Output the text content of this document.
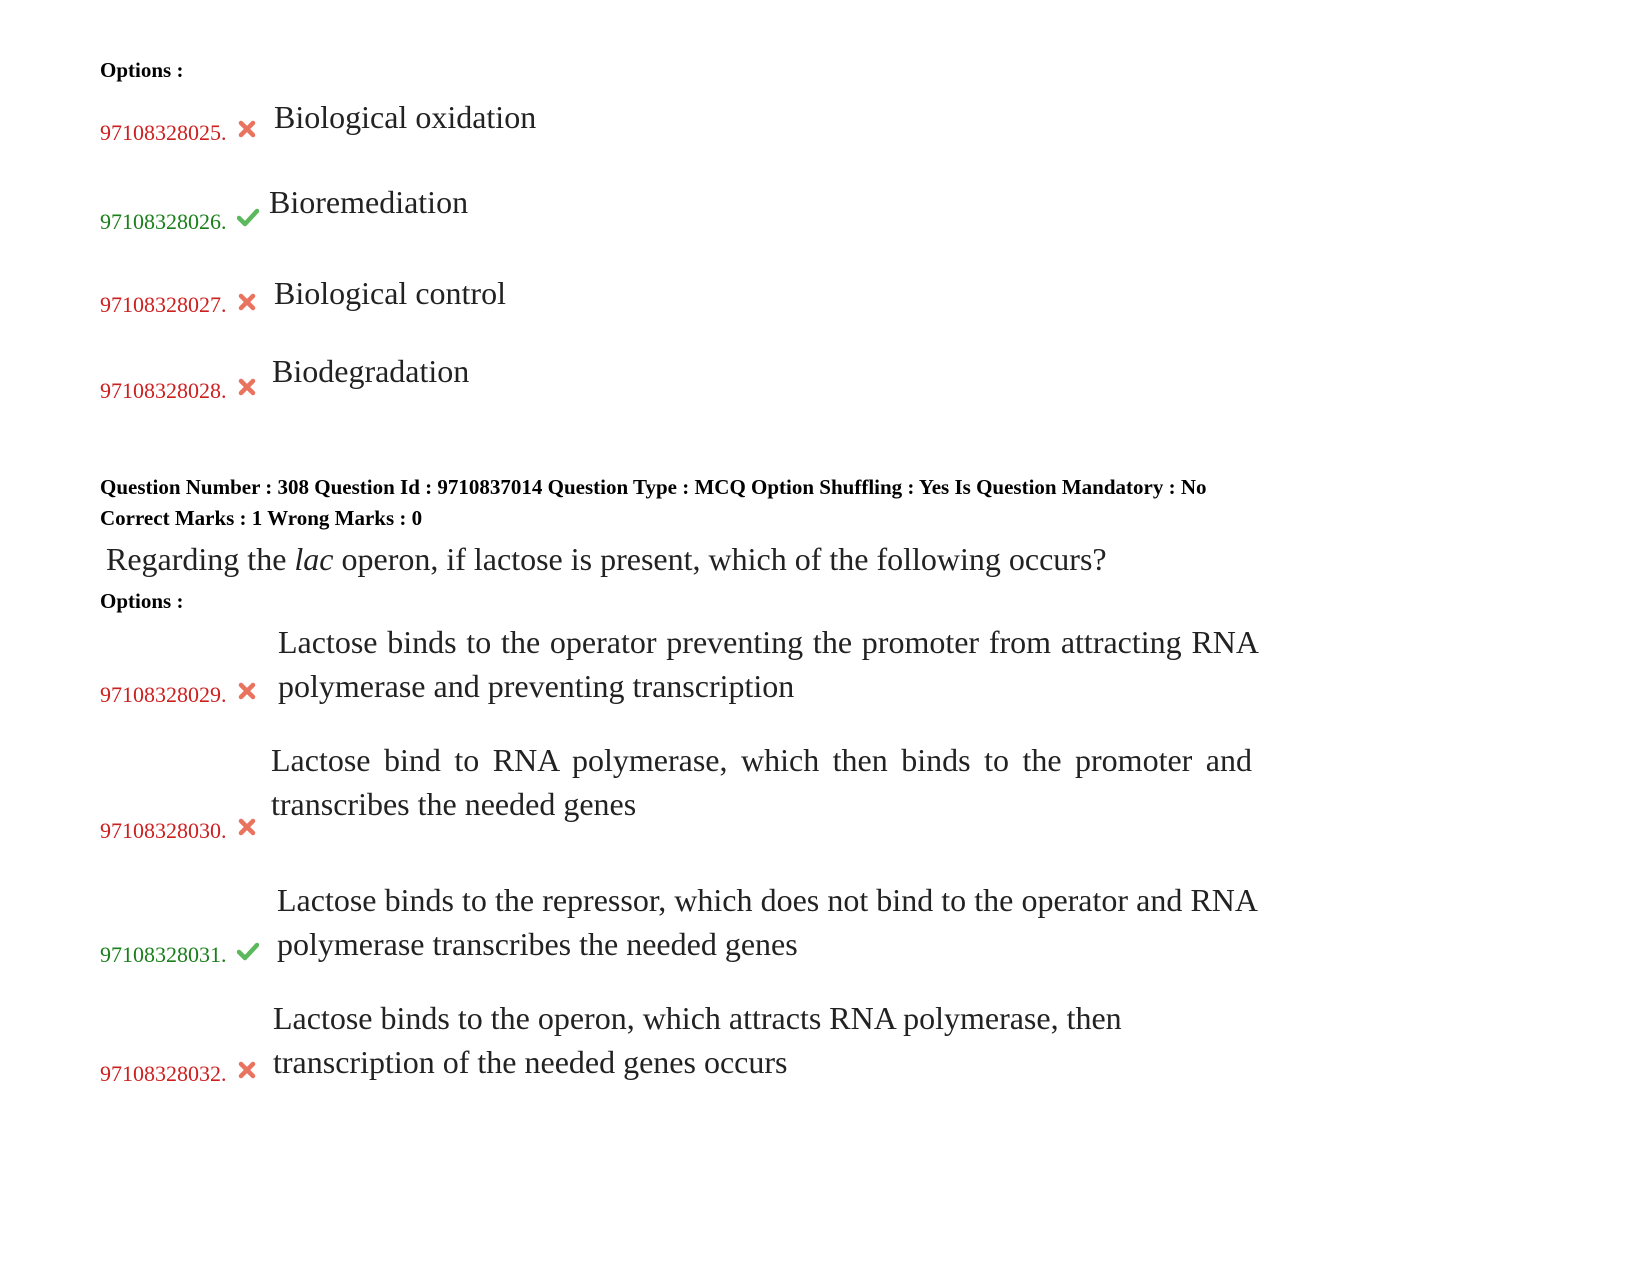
Options :
97108328025. Biological oxidation
97108328026.
Bioremediation
97108328027. Biological control
97108328028.
Biodegradation
Question Number : 308 Question Id : 9710837014 Question Type : MCQ Option Shuffling : Yes Is Question Mandatory : No
Correct Marks : 1 Wrong Marks : 0
Regarding the lac operon, if lactose is present, which of the following occurs?
Options :
97108328029.
Lactose binds to the operator preventing the promoter from attracting RNA polymerase and preventing transcription
97108328030.
Lactose bind to RNA polymerase, which then binds to the promoter and transcribes the needed genes
97108328031.
Lactose binds to the repressor, which does not bind to the operator and RNA polymerase transcribes the needed genes
97108328032.
Lactose binds to the operon, which attracts RNA polymerase, then transcription of the needed genes occurs
